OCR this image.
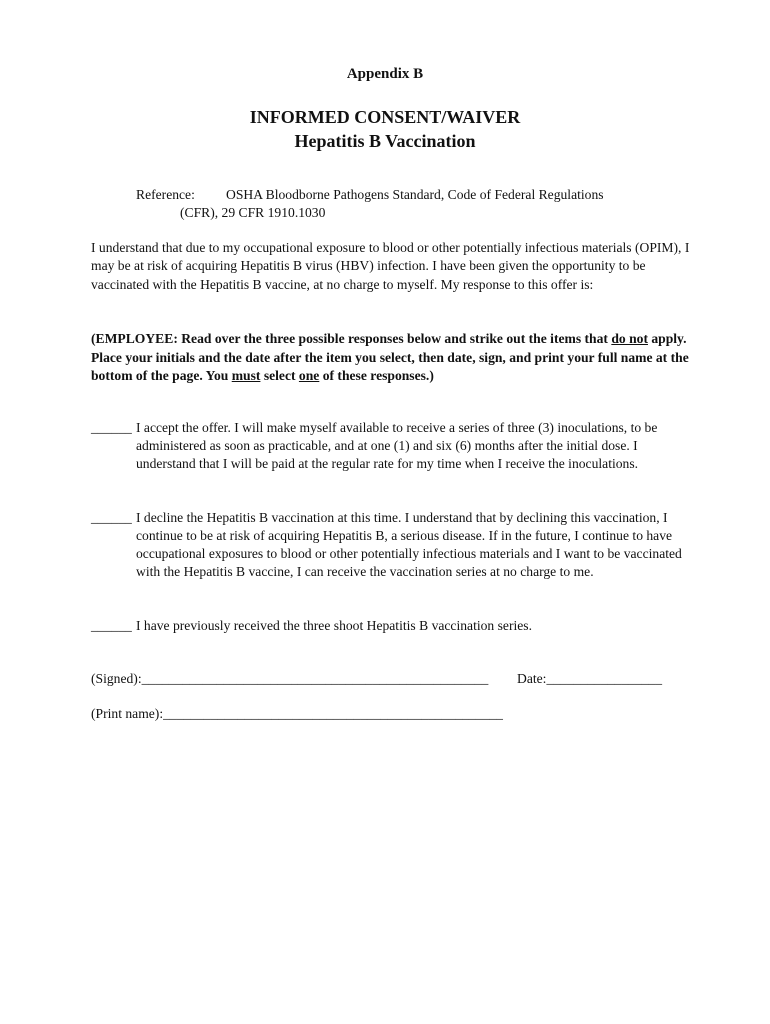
Appendix B
INFORMED CONSENT/WAIVER
Hepatitis B Vaccination
Reference: OSHA Bloodborne Pathogens Standard, Code of Federal Regulations
(CFR), 29 CFR 1910.1030
I understand that due to my occupational exposure to blood or other potentially infectious materials (OPIM), I may be at risk of acquiring Hepatitis B virus (HBV) infection. I have been given the opportunity to be vaccinated with the Hepatitis B vaccine, at no charge to myself. My response to this offer is:
(EMPLOYEE: Read over the three possible responses below and strike out the items that do not apply. Place your initials and the date after the item you select, then date, sign, and print your full name at the bottom of the page. You must select one of these responses.)
______ I accept the offer. I will make myself available to receive a series of three (3) inoculations, to be administered as soon as practicable, and at one (1) and six (6) months after the initial dose. I understand that I will be paid at the regular rate for my time when I receive the inoculations.
______ I decline the Hepatitis B vaccination at this time. I understand that by declining this vaccination, I continue to be at risk of acquiring Hepatitis B, a serious disease. If in the future, I continue to have occupational exposures to blood or other potentially infectious materials and I want to be vaccinated with the Hepatitis B vaccine, I can receive the vaccination series at no charge to me.
______ I have previously received the three shoot Hepatitis B vaccination series.
(Signed):___________________________________________________	Date:_________________
(Print name):__________________________________________________
